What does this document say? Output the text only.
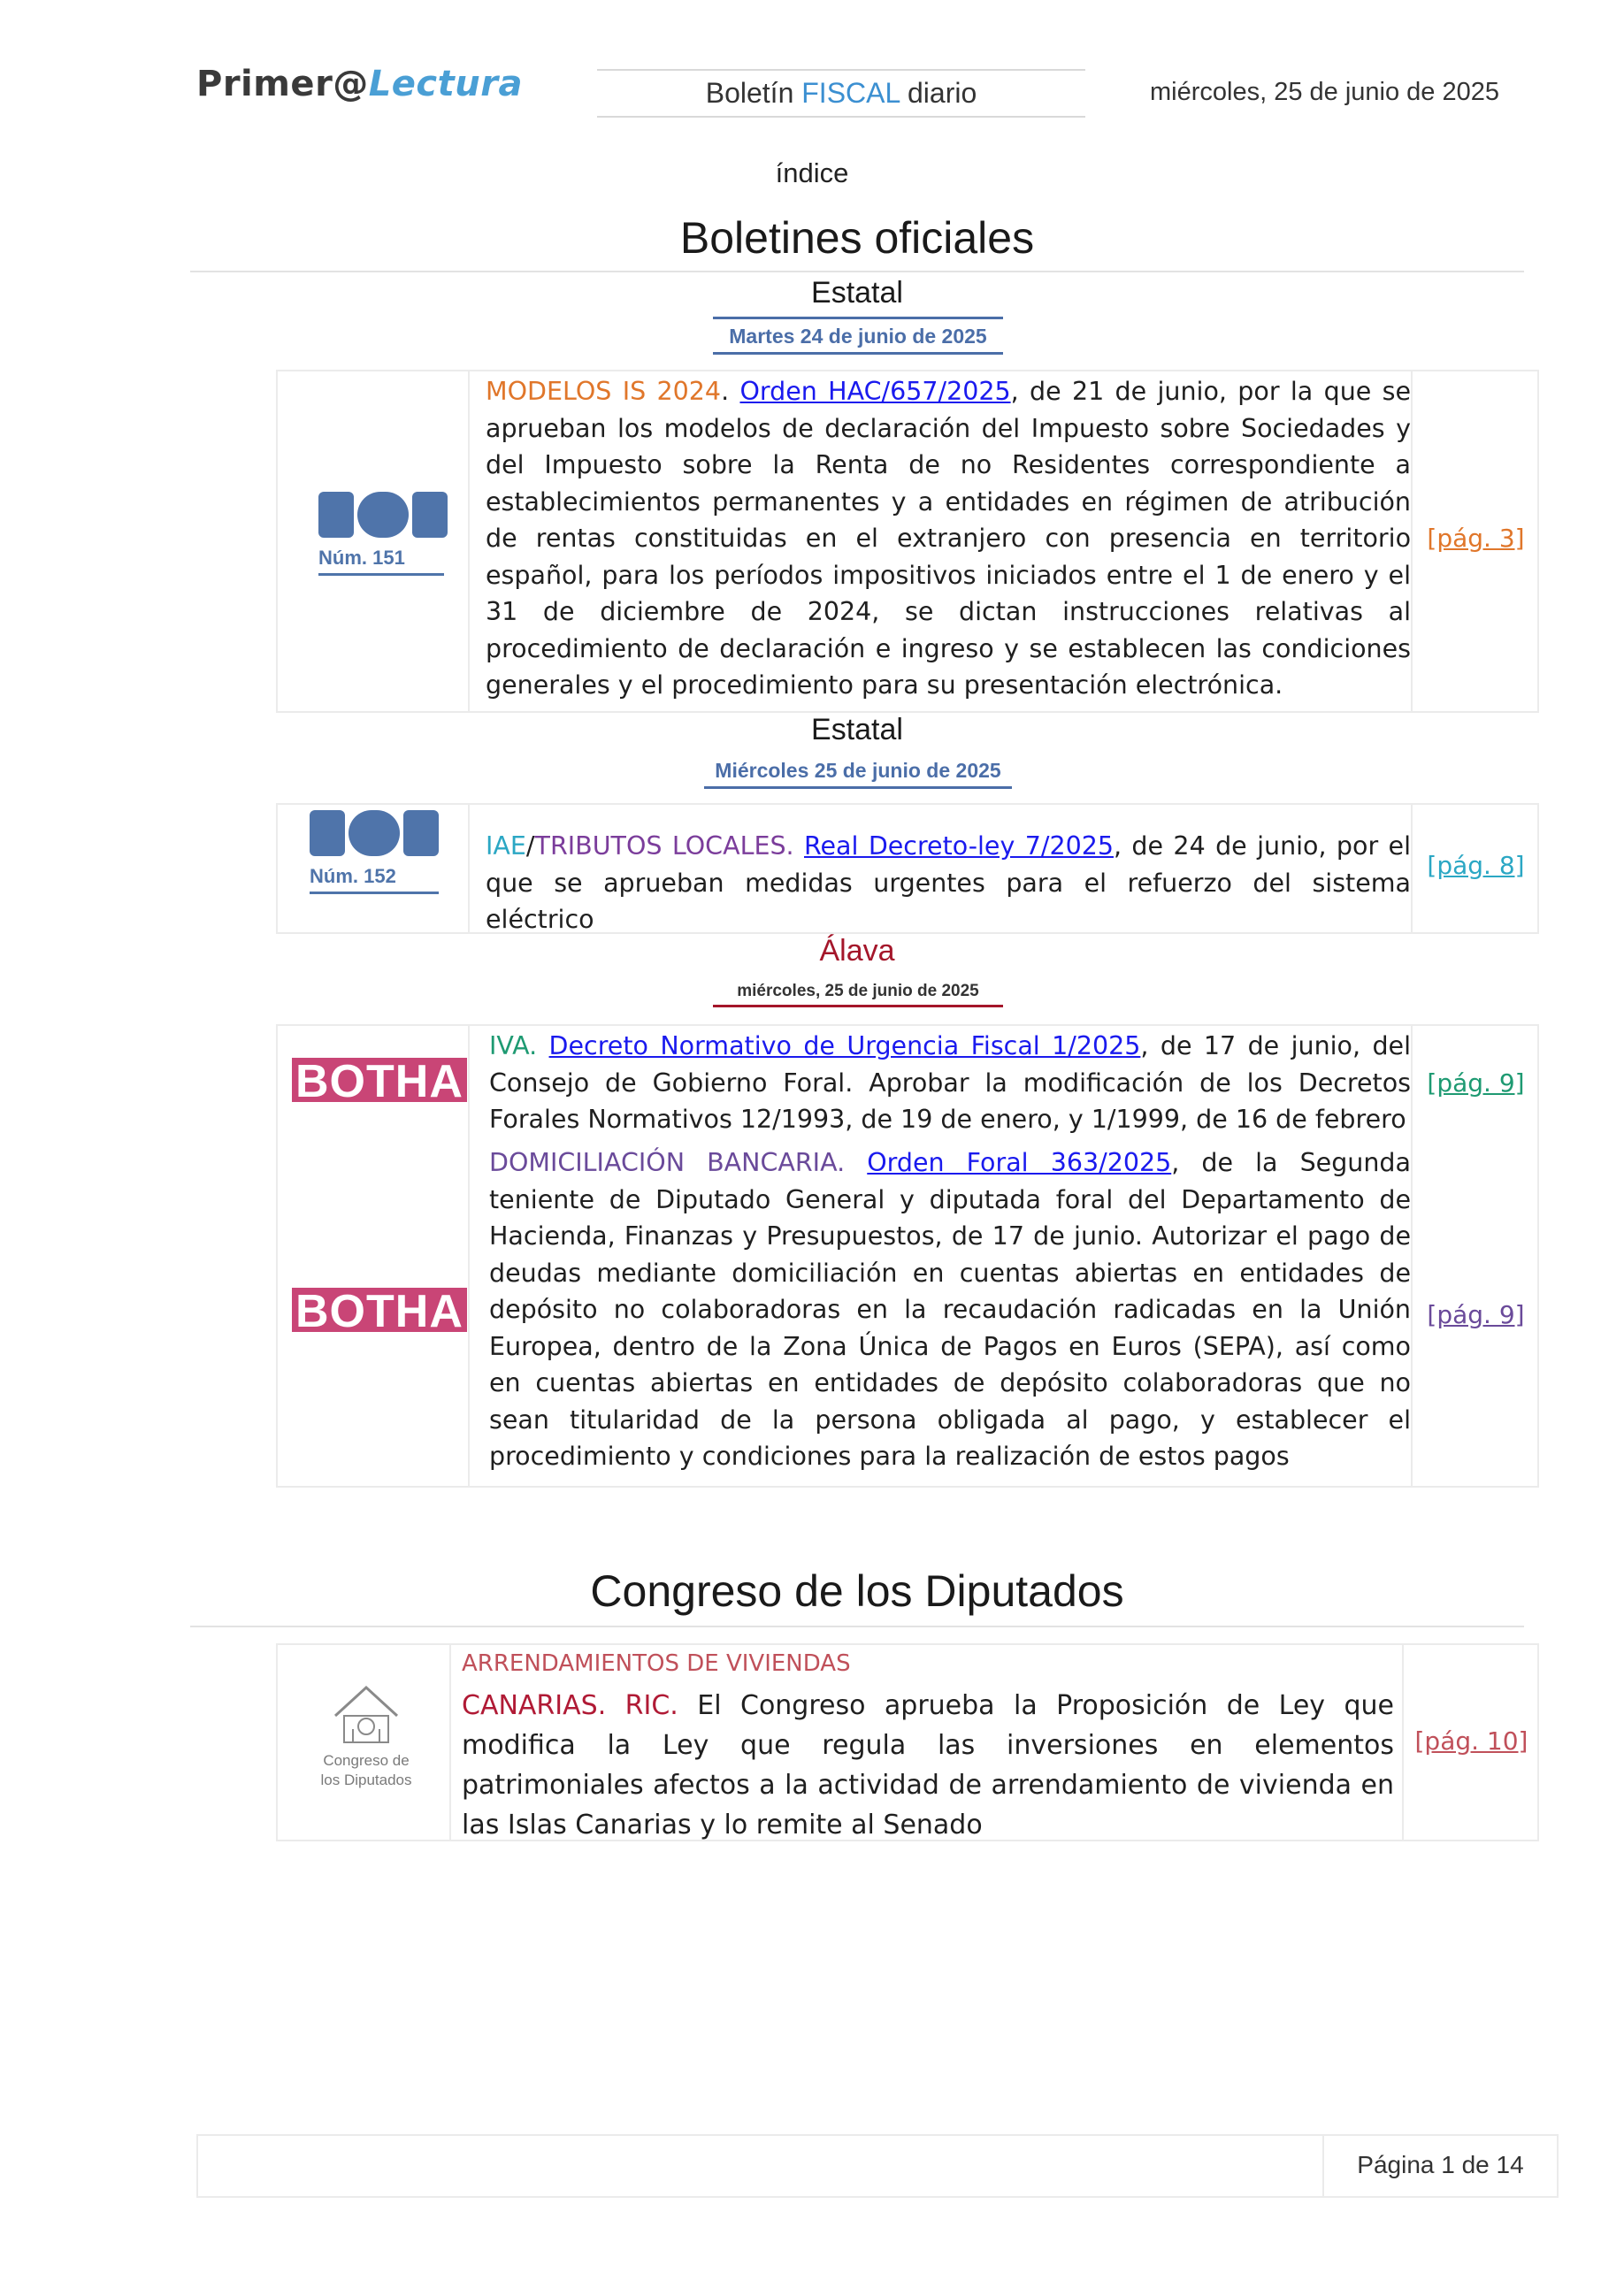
Primer@Lectura	Boletín FISCAL diario	miércoles, 25 de junio de 2025
índice
Boletines oficiales
Estatal
Martes 24 de junio de 2025
Núm. 151
MODELOS IS 2024. Orden HAC/657/2025, de 21 de junio, por la que se aprueban los modelos de declaración del Impuesto sobre Sociedades y del Impuesto sobre la Renta de no Residentes correspondiente a establecimientos permanentes y a entidades en régimen de atribución de rentas constituidas en el extranjero con presencia en territorio español, para los períodos impositivos iniciados entre el 1 de enero y el 31 de diciembre de 2024, se dictan instrucciones relativas al procedimiento de declaración e ingreso y se establecen las condiciones generales y el procedimiento para su presentación electrónica.
[pág. 3]
Estatal
Miércoles 25 de junio de 2025
Núm. 152
IAE/TRIBUTOS LOCALES. Real Decreto-ley 7/2025, de 24 de junio, por el que se aprueban medidas urgentes para el refuerzo del sistema eléctrico
[pág. 8]
Álava
miércoles, 25 de junio de 2025
BOTHA
BOTHA
IVA. Decreto Normativo de Urgencia Fiscal 1/2025, de 17 de junio, del Consejo de Gobierno Foral. Aprobar la modificación de los Decretos Forales Normativos 12/1993, de 19 de enero, y 1/1999, de 16 de febrero
DOMICILIACIÓN BANCARIA. Orden Foral 363/2025, de la Segunda teniente de Diputado General y diputada foral del Departamento de Hacienda, Finanzas y Presupuestos, de 17 de junio. Autorizar el pago de deudas mediante domiciliación en cuentas abiertas en entidades de depósito no colaboradoras en la recaudación radicadas en la Unión Europea, dentro de la Zona Única de Pagos en Euros (SEPA), así como en cuentas abiertas en entidades de depósito colaboradoras que no sean titularidad de la persona obligada al pago, y establecer el procedimiento y condiciones para la realización de estos pagos
[pág. 9]
[pág. 9]
Congreso de los Diputados
Congreso de
los Diputados
ARRENDAMIENTOS DE VIVIENDAS
CANARIAS. RIC. El Congreso aprueba la Proposición de Ley que modifica la Ley que regula las inversiones en elementos patrimoniales afectos a la actividad de arrendamiento de vivienda en las Islas Canarias y lo remite al Senado
[pág. 10]
Página 1 de 14
